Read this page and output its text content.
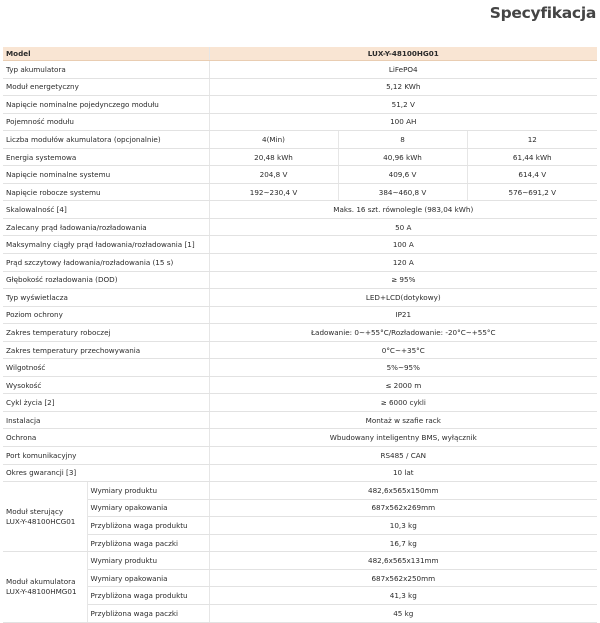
Specyfikacja
Model		LUX-Y-48100HG01		
Typ akumulatora		LiFePO4		
Moduł energetyczny		5,12 KWh		
Napięcie nominalne pojedynczego modułu		51,2 V		
Pojemność modułu		100 AH		
Liczba modułów akumulatora (opcjonalnie)		4(Min)	8	12
Energia systemowa		20,48 kWh	40,96 kWh	61,44 kWh
Napięcie nominalne systemu		204,8 V	409,6 V	614,4 V
Napięcie robocze systemu		192~230,4 V	384~460,8 V	576~691,2 V
Skalowalność [4]		Maks. 16 szt. równolegle (983,04 kWh)		
Zalecany prąd ładowania/rozładowania		50 A		
Maksymalny ciągły prąd ładowania/rozładowania [1]		100 A		
Prąd szczytowy ładowania/rozładowania (15 s)		120 A		
Głębokość rozładowania (DOD)		≥ 95%		
Typ wyświetlacza		LED+LCD(dotykowy)		
Poziom ochrony		IP21		
Zakres temperatury roboczej		Ładowanie: 0~+55°C/Rozładowanie: -20°C~+55°C		
Zakres temperatury przechowywania		0°C~+35°C		
Wilgotność		5%~95%		
Wysokość		≤ 2000 m		
Cykl życia [2]		≥ 6000 cykli		
Instalacja		Montaż w szafie rack		
Ochrona		Wbudowany inteligentny BMS, wyłącznik		
Port komunikacyjny		RS485 / CAN		
Okres gwarancji [3]		10 lat		
Moduł sterujący
LUX-Y-48100HCG01	Wymiary produktu	482,6x565x150mm		
	Wymiary opakowania	687x562x269mm		
	Przybliżona waga produktu	10,3 kg		
	Przybliżona waga paczki	16,7 kg		
Moduł akumulatora
LUX-Y-48100HMG01	Wymiary produktu	482,6x565x131mm		
	Wymiary opakowania	687x562x250mm		
	Przybliżona waga produktu	41,3 kg		
	Przybliżona waga paczki	45 kg		
